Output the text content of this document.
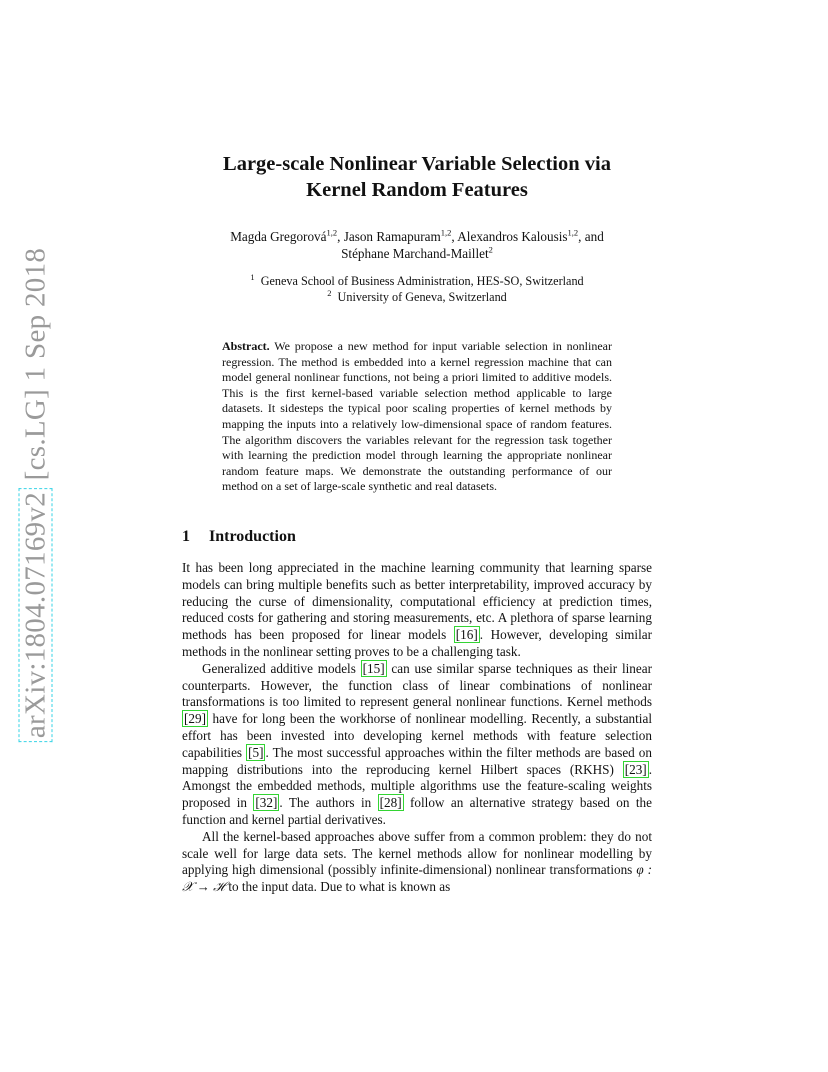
arXiv:1804.07169v2 [cs.LG] 1 Sep 2018
Large-scale Nonlinear Variable Selection via
Kernel Random Features
Magda Gregorová$^{1,2}$, Jason Ramapuram$^{1,2}$, Alexandros Kalousis$^{1,2}$, and
Stéphane Marchand-Maillet$^2$
$^1$ Geneva School of Business Administration, HES-SO, Switzerland
$^2$ University of Geneva, Switzerland
Abstract. We propose a new method for input variable selection in nonlinear regression. The method is embedded into a kernel regression machine that can model general nonlinear functions, not being a priori limited to additive models. This is the first kernel-based variable selection method applicable to large datasets. It sidesteps the typical poor scaling properties of kernel methods by mapping the inputs into a relatively low-dimensional space of random features. The algorithm discovers the variables relevant for the regression task together with learning the prediction model through learning the appropriate nonlinear random feature maps. We demonstrate the outstanding performance of our method on a set of large-scale synthetic and real datasets.
1 Introduction

It has been long appreciated in the machine learning community that learning sparse models can bring multiple benefits such as better interpretability, improved accuracy by reducing the curse of dimensionality, computational efficiency at prediction times, reduced costs for gathering and storing measurements, etc. A plethora of sparse learning methods has been proposed for linear models [16] . However, developing similar methods in the nonlinear setting proves to be a challenging task.

Generalized additive models [15] can use similar sparse techniques as their linear counterparts. However, the function class of linear combinations of nonlinear transformations is too limited to represent general nonlinear functions. Kernel methods [29] have for long been the workhorse of nonlinear modelling. Recently, a substantial effort has been invested into developing kernel methods with feature selection capabilities [5] . The most successful approaches within the filter methods are based on mapping distributions into the reproducing kernel Hilbert spaces (RKHS) [23] . Amongst the embedded methods, multiple algorithms use the feature-scaling weights proposed in [32] . The authors in [28] follow an alternative strategy based on the function and kernel partial derivatives.

All the kernel-based approaches above suffer from a common problem: they do not scale well for large data sets. The kernel methods allow for nonlinear modelling by applying high dimensional (possibly infinite-dimensional) nonlinear transformations φ : 𝒳 → ℋ to the input data. Due to what is known as
